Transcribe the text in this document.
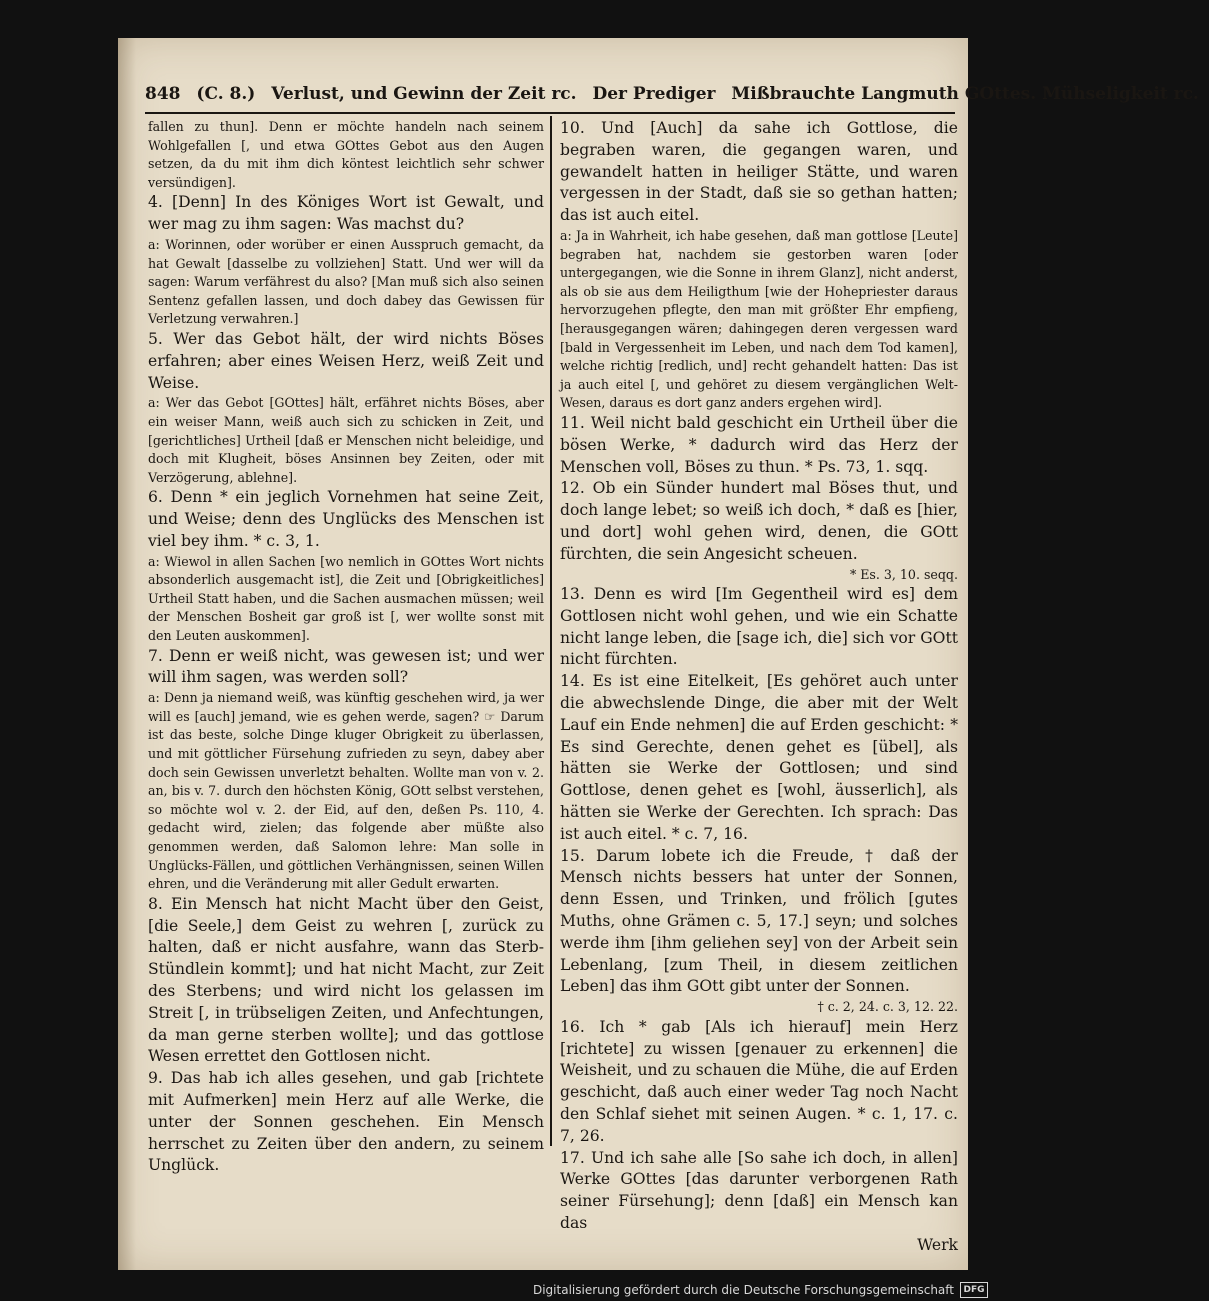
848 (C. 8.) Verlust, und Gewinn der Zeit rc. Der Prediger Mißbrauchte Langmuth GOttes. Mühseligkeit rc.

fallen zu thun]. Denn er möchte handeln nach seinem Wohlgefallen [, und etwa GOttes Gebot aus den Augen setzen, da du mit ihm dich köntest leichtlich sehr schwer versündigen].

4. [Denn] In des Königes Wort ist Gewalt, und wer mag zu ihm sagen: Was machst du?

a: Worinnen, oder worüber er einen Ausspruch gemacht, da hat Gewalt [dasselbe zu vollziehen] Statt. Und wer will da sagen: Warum verfährest du also? [Man muß sich also seinen Sentenz gefallen lassen, und doch dabey das Gewissen für Verletzung verwahren.]

5. Wer das Gebot hält, der wird nichts Böses erfahren; aber eines Weisen Herz, weiß Zeit und Weise.

a: Wer das Gebot [GOttes] hält, erfähret nichts Böses, aber ein weiser Mann, weiß auch sich zu schicken in Zeit, und [gerichtliches] Urtheil [daß er Menschen nicht beleidige, und doch mit Klugheit, böses Ansinnen bey Zeiten, oder mit Verzögerung, ablehne].

6. Denn * ein jeglich Vornehmen hat seine Zeit, und Weise; denn des Unglücks des Menschen ist viel bey ihm. * c. 3, 1.

a: Wiewol in allen Sachen [wo nemlich in GOttes Wort nichts absonderlich ausgemacht ist], die Zeit und [Obrigkeitliches] Urtheil Statt haben, und die Sachen ausmachen müssen; weil der Menschen Bosheit gar groß ist [, wer wollte sonst mit den Leuten auskommen].

7. Denn er weiß nicht, was gewesen ist; und wer will ihm sagen, was werden soll?

a: Denn ja niemand weiß, was künftig geschehen wird, ja wer will es [auch] jemand, wie es gehen werde, sagen? ☞ Darum ist das beste, solche Dinge kluger Obrigkeit zu überlassen, und mit göttlicher Fürsehung zufrieden zu seyn, dabey aber doch sein Gewissen unverletzt behalten. Wollte man von v. 2. an, bis v. 7. durch den höchsten König, GOtt selbst verstehen, so möchte wol v. 2. der Eid, auf den, deßen Ps. 110, 4. gedacht wird, zielen; das folgende aber müßte also genommen werden, daß Salomon lehre: Man solle in Unglücks-Fällen, und göttlichen Verhängnissen, seinen Willen ehren, und die Veränderung mit aller Gedult erwarten.

8. Ein Mensch hat nicht Macht über den Geist, [die Seele,] dem Geist zu wehren [, zurück zu halten, daß er nicht ausfahre, wann das Sterb-Stündlein kommt]; und hat nicht Macht, zur Zeit des Sterbens; und wird nicht los gelassen im Streit [, in trübseligen Zeiten, und Anfechtungen, da man gerne sterben wollte]; und das gottlose Wesen errettet den Gottlosen nicht.

9. Das hab ich alles gesehen, und gab [richtete mit Aufmerken] mein Herz auf alle Werke, die unter der Sonnen geschehen. Ein Mensch herrschet zu Zeiten über den andern, zu seinem Unglück.

10. Und [Auch] da sahe ich Gottlose, die begraben waren, die gegangen waren, und gewandelt hatten in heiliger Stätte, und waren vergessen in der Stadt, daß sie so gethan hatten; das ist auch eitel.

a: Ja in Wahrheit, ich habe gesehen, daß man gottlose [Leute] begraben hat, nachdem sie gestorben waren [oder untergegangen, wie die Sonne in ihrem Glanz], nicht anderst, als ob sie aus dem Heiligthum [wie der Hohepriester daraus hervorzugehen pflegte, den man mit größter Ehr empfieng, [herausgegangen wären; dahingegen deren vergessen ward [bald in Vergessenheit im Leben, und nach dem Tod kamen], welche richtig [redlich, und] recht gehandelt hatten: Das ist ja auch eitel [, und gehöret zu diesem vergänglichen Welt-Wesen, daraus es dort ganz anders ergehen wird].

11. Weil nicht bald geschicht ein Urtheil über die bösen Werke, * dadurch wird das Herz der Menschen voll, Böses zu thun. * Ps. 73, 1. sqq.

12. Ob ein Sünder hundert mal Böses thut, und doch lange lebet; so weiß ich doch, * daß es [hier, und dort] wohl gehen wird, denen, die GOtt fürchten, die sein Angesicht scheuen.

* Es. 3, 10. seqq.

13. Denn es wird [Im Gegentheil wird es] dem Gottlosen nicht wohl gehen, und wie ein Schatte nicht lange leben, die [sage ich, die] sich vor GOtt nicht fürchten.

14. Es ist eine Eitelkeit, [Es gehöret auch unter die abwechslende Dinge, die aber mit der Welt Lauf ein Ende nehmen] die auf Erden geschicht: * Es sind Gerechte, denen gehet es [übel], als hätten sie Werke der Gottlosen; und sind Gottlose, denen gehet es [wohl, äusserlich], als hätten sie Werke der Gerechten. Ich sprach: Das ist auch eitel. * c. 7, 16.

15. Darum lobete ich die Freude, † daß der Mensch nichts bessers hat unter der Sonnen, denn Essen, und Trinken, und frölich [gutes Muths, ohne Grämen c. 5, 17.] seyn; und solches werde ihm [ihm geliehen sey] von der Arbeit sein Lebenlang, [zum Theil, in diesem zeitlichen Leben] das ihm GOtt gibt unter der Sonnen.

† c. 2, 24. c. 3, 12. 22.

16. Ich * gab [Als ich hierauf] mein Herz [richtete] zu wissen [genauer zu erkennen] die Weisheit, und zu schauen die Mühe, die auf Erden geschicht, daß auch einer weder Tag noch Nacht den Schlaf siehet mit seinen Augen. * c. 1, 17. c. 7, 26.

17. Und ich sahe alle [So sahe ich doch, in allen] Werke GOttes [das darunter verborgenen Rath seiner Fürsehung]; denn [daß] ein Mensch kan das

Werk

Digitalisierung gefördert durch die Deutsche Forschungsgemeinschaft	DFG
